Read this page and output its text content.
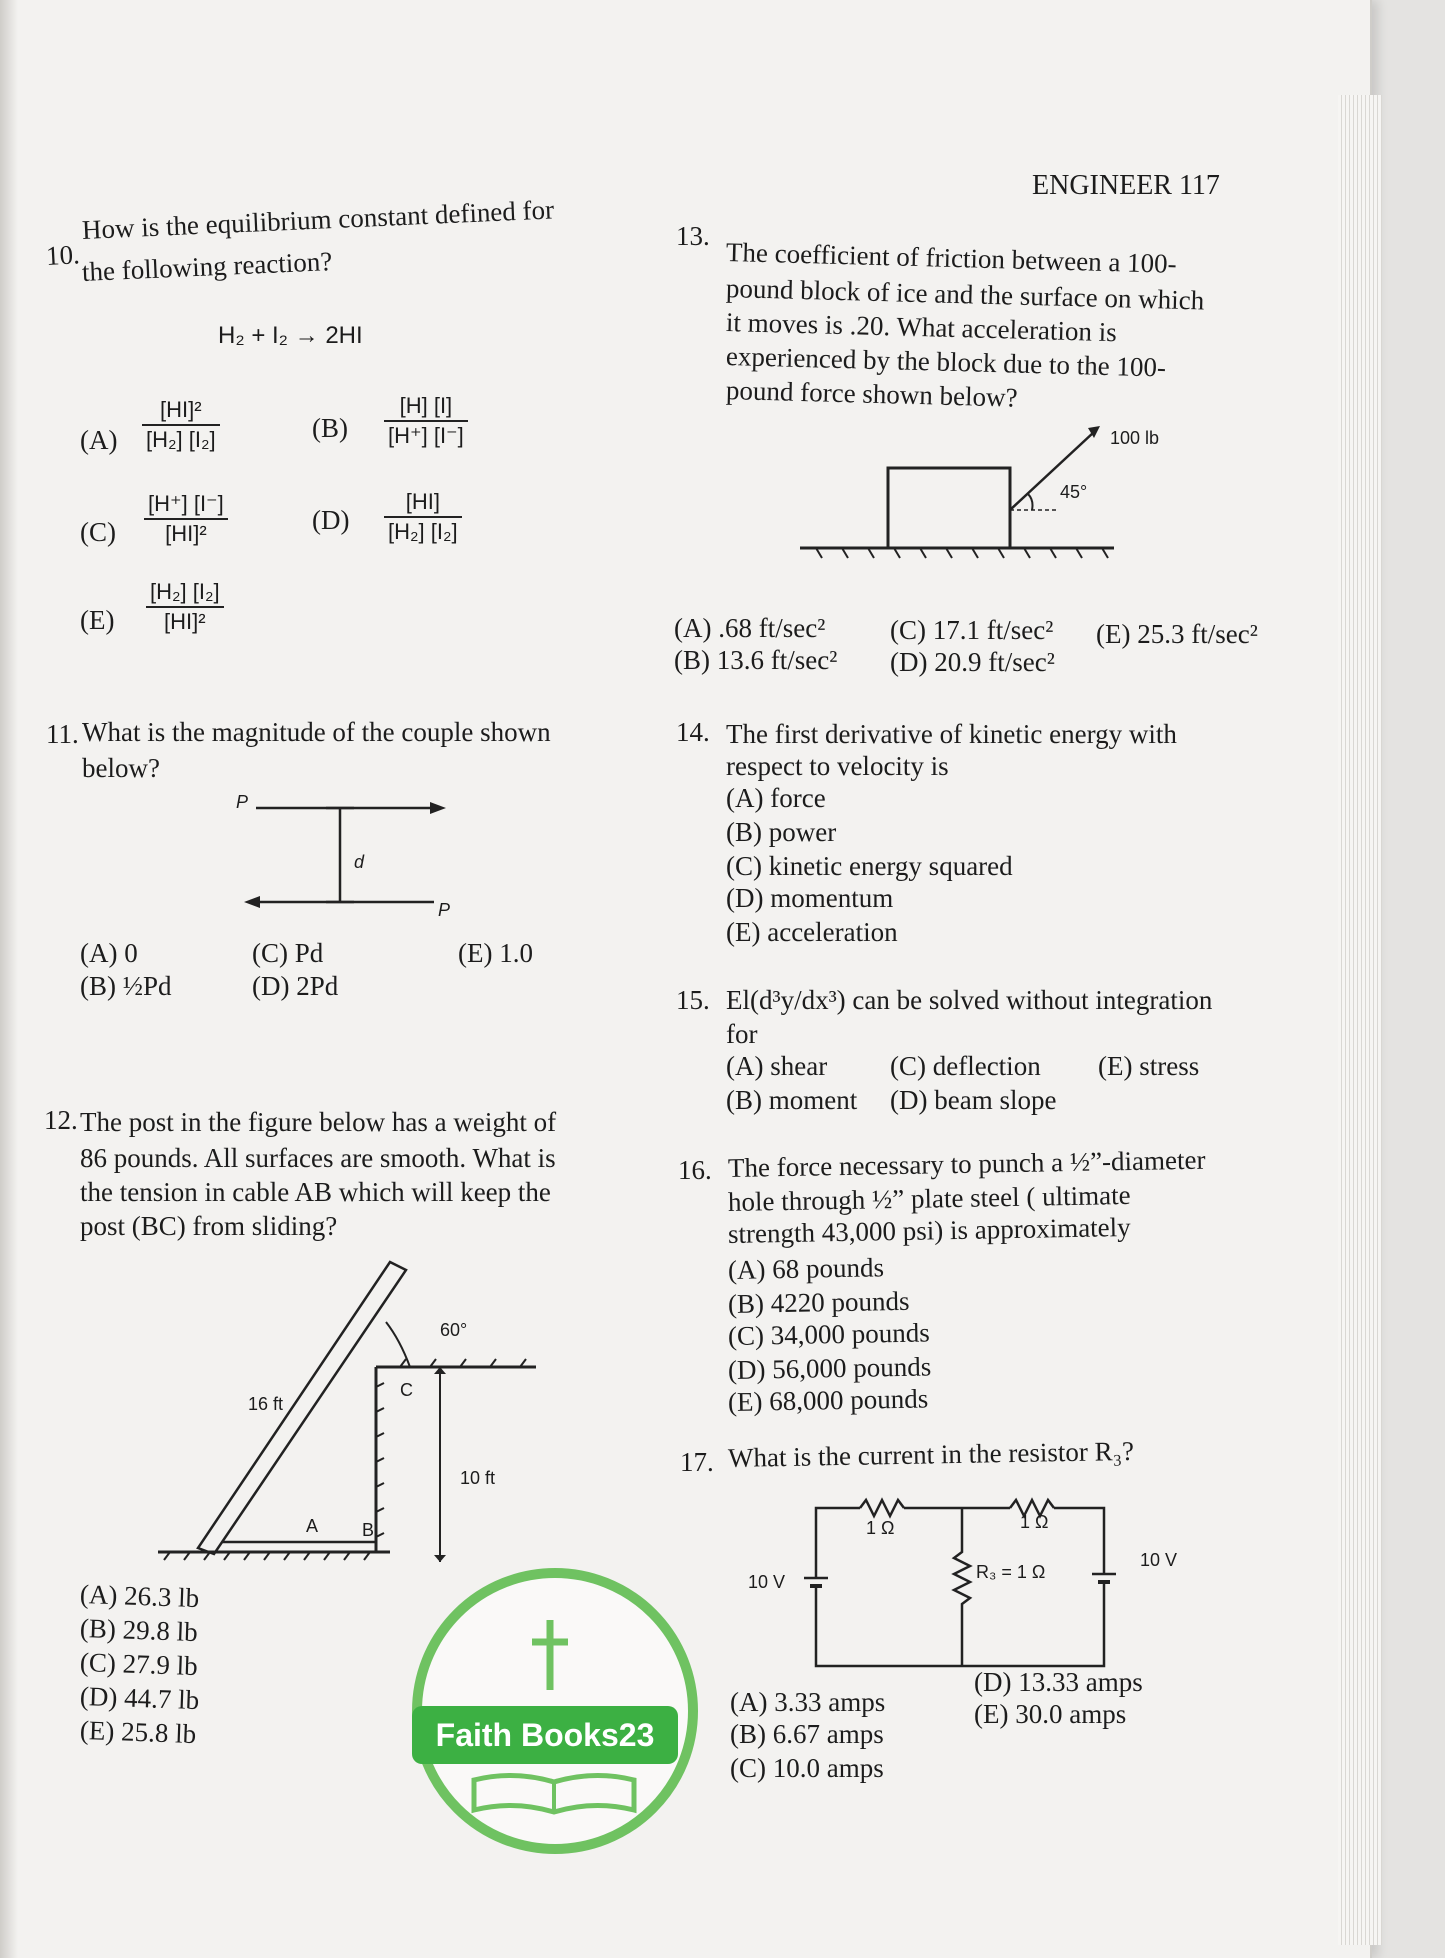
ENGINEER 117
10.
How is the equilibrium constant defined for
the following reaction?
H₂ + I₂ → 2HI
$(A) \frac{\text{[HI]²}}{\text{[H₂] [I₂]}}$	$(B) \frac{[H] [I]}{[H^+] [I^-]}$
$(C) \frac{[H^+] [I^-]}{\text{[HI]²}}$	$(D) \frac{[HI]}{\text{[H₂] [I₂]}}$
$(E) \frac{\text{[H₂] [I₂]}}{\text{[HI]²}}$
11. What is the magnitude of the couple shown
below?
P
d
P
(A) 0
(B) ½Pd
(C) Pd
(D) 2Pd
(E) 1.0
12. The post in the figure below has a weight of
86 pounds. All surfaces are smooth. What is
the tension in cable AB which will keep the
post (BC) from sliding?
60°
16 ft
C
10 ft
A B
(A) 26.3 lb
(B) 29.8 lb
(C) 27.9 lb
(D) 44.7 lb
(E) 25.8 lb
13.
The coefficient of friction between a 100-
pound block of ice and the surface on which
it moves is .20. What acceleration is
experienced by the block due to the 100-
pound force shown below?
100 lb
45°
(A) .68 ft/sec² (C) 17.1 ft/sec² (E) 25.3 ft/sec²
(B) 13.6 ft/sec² (D) 20.9 ft/sec²
14. The first derivative of kinetic energy with
respect to velocity is
(A) force
(B) power
(C) kinetic energy squared
(D) momentum
(E) acceleration
15. El(d³y/dx³) can be solved without integration
for
(A) shear (C) deflection (E) stress
(B) moment (D) beam slope
16. The force necessary to punch a ½”-diameter
hole through ½” plate steel ( ultimate
strength 43,000 psi) is approximately
(A) 68 pounds
(B) 4220 pounds
(C) 34,000 pounds
(D) 56,000 pounds
(E) 68,000 pounds
17. What is the current in the resistor R₃?
1 Ω	1 Ω
R₃ = 1 Ω
10 V
10 V
(A) 3.33 amps
(B) 6.67 amps
(C) 10.0 amps
(D) 13.33 amps
(E) 30.0 amps
Faith Books23
